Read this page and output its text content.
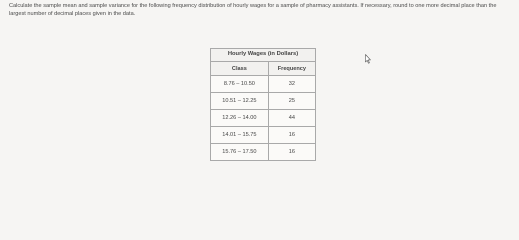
Calculate the sample mean and sample variance for the following frequency distribution of hourly wages for a sample of pharmacy assistants. If necessary, round to one more decimal place than the largest number of decimal places given in the data.

Hourly Wages (in Dollars)
Class	Frequency
8.76 – 10.50	32
10.51 – 12.25	25
12.26 – 14.00	44
14.01 – 15.75	16
15.76 – 17.50	16
